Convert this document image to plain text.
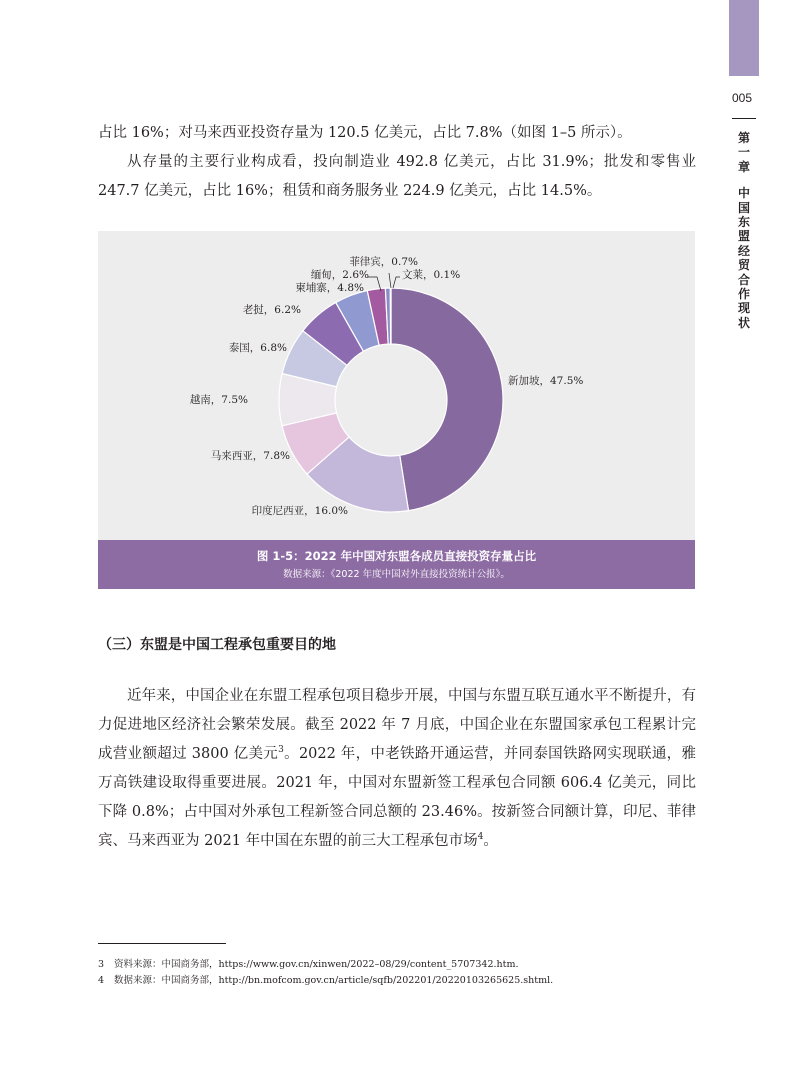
005
第
一
章
中
国
东
盟
经
贸
合
作
现
状

占比 16%；对马来西亚投资存量为 120.5 亿美元，占比 7.8%（如图 1–5 所示）。

从存量的主要行业构成看，投向制造业 492.8 亿美元，占比 31.9%；批发和零售业 247.7 亿美元，占比 16%；租赁和商务服务业 224.9 亿美元，占比 14.5%。

新加坡，47.5%
印度尼西亚，16.0%
马来西亚，7.8%
越南，7.5%
泰国，6.8%
老挝，6.2%
柬埔寨，4.8%
缅甸，2.6%
菲律宾，0.7%
文莱，0.1%
图 1-5：2022 年中国对东盟各成员直接投资存量占比
数据来源：《2022 年度中国对外直接投资统计公报》。
（三）东盟是中国工程承包重要目的地

近年来，中国企业在东盟工程承包项目稳步开展，中国与东盟互联互通水平不断提升，有力促进地区经济社会繁荣发展。截至 2022 年 7 月底，中国企业在东盟国家承包工程累计完成营业额超过 3800 亿美元$^3$。2022 年，中老铁路开通运营，并同泰国铁路网实现联通，雅万高铁建设取得重要进展。2021 年，中国对东盟新签工程承包合同额 606.4 亿美元，同比下降 0.8%；占中国对外承包工程新签合同总额的 23.46%。按新签合同额计算，印尼、菲律宾、马来西亚为 2021 年中国在东盟的前三大工程承包市场$^4$。

3 资料来源：中国商务部，https://www.gov.cn/xinwen/2022–08/29/content_5707342.htm.
4 数据来源：中国商务部，http://bn.mofcom.gov.cn/article/sqfb/202201/20220103265625.shtml.
